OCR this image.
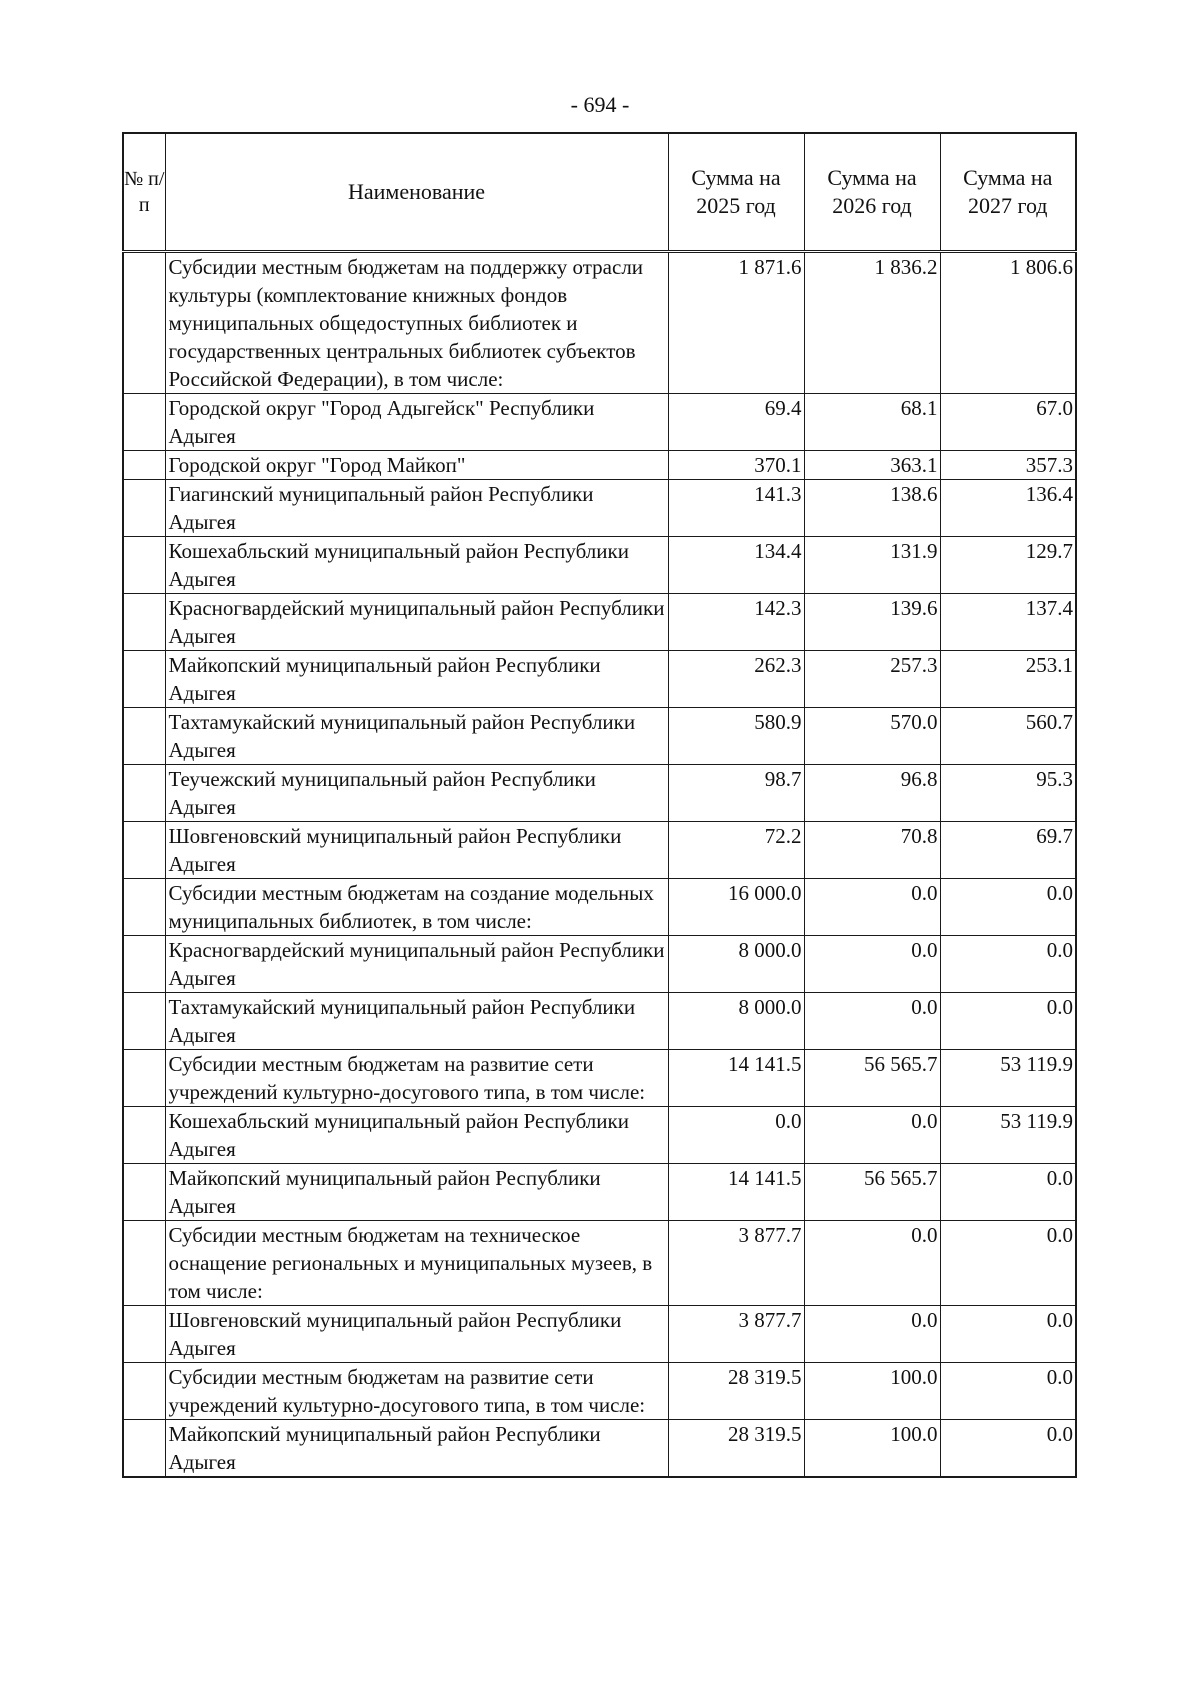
- 694 -
№ п/п	Наименование	Сумма на 2025 год	Сумма на 2026 год	Сумма на 2027 год
	Субсидии местным бюджетам на поддержку отрасли культуры (комплектование книжных фондов муниципальных общедоступных библиотек и государственных центральных библиотек субъектов Российской Федерации), в том числе:	1 871.6	1 836.2	1 806.6
	Городской округ "Город Адыгейск" Республики Адыгея	69.4	68.1	67.0
	Городской округ "Город Майкоп"	370.1	363.1	357.3
	Гиагинский муниципальный район Республики Адыгея	141.3	138.6	136.4
	Кошехабльский муниципальный район Республики Адыгея	134.4	131.9	129.7
	Красногвардейский муниципальный район Республики Адыгея	142.3	139.6	137.4
	Майкопский муниципальный район Республики Адыгея	262.3	257.3	253.1
	Тахтамукайский муниципальный район Республики Адыгея	580.9	570.0	560.7
	Теучежский муниципальный район Республики Адыгея	98.7	96.8	95.3
	Шовгеновский муниципальный район Республики Адыгея	72.2	70.8	69.7
	Субсидии местным бюджетам на создание модельных муниципальных библиотек, в том числе:	16 000.0	0.0	0.0
	Красногвардейский муниципальный район Республики Адыгея	8 000.0	0.0	0.0
	Тахтамукайский муниципальный район Республики Адыгея	8 000.0	0.0	0.0
	Субсидии местным бюджетам на развитие сети учреждений культурно-досугового типа, в том числе:	14 141.5	56 565.7	53 119.9
	Кошехабльский муниципальный район Республики Адыгея	0.0	0.0	53 119.9
	Майкопский муниципальный район Республики Адыгея	14 141.5	56 565.7	0.0
	Субсидии местным бюджетам на техническое оснащение региональных и муниципальных музеев, в том числе:	3 877.7	0.0	0.0
	Шовгеновский муниципальный район Республики Адыгея	3 877.7	0.0	0.0
	Субсидии местным бюджетам на развитие сети учреждений культурно-досугового типа, в том числе:	28 319.5	100.0	0.0
	Майкопский муниципальный район Республики Адыгея	28 319.5	100.0	0.0
